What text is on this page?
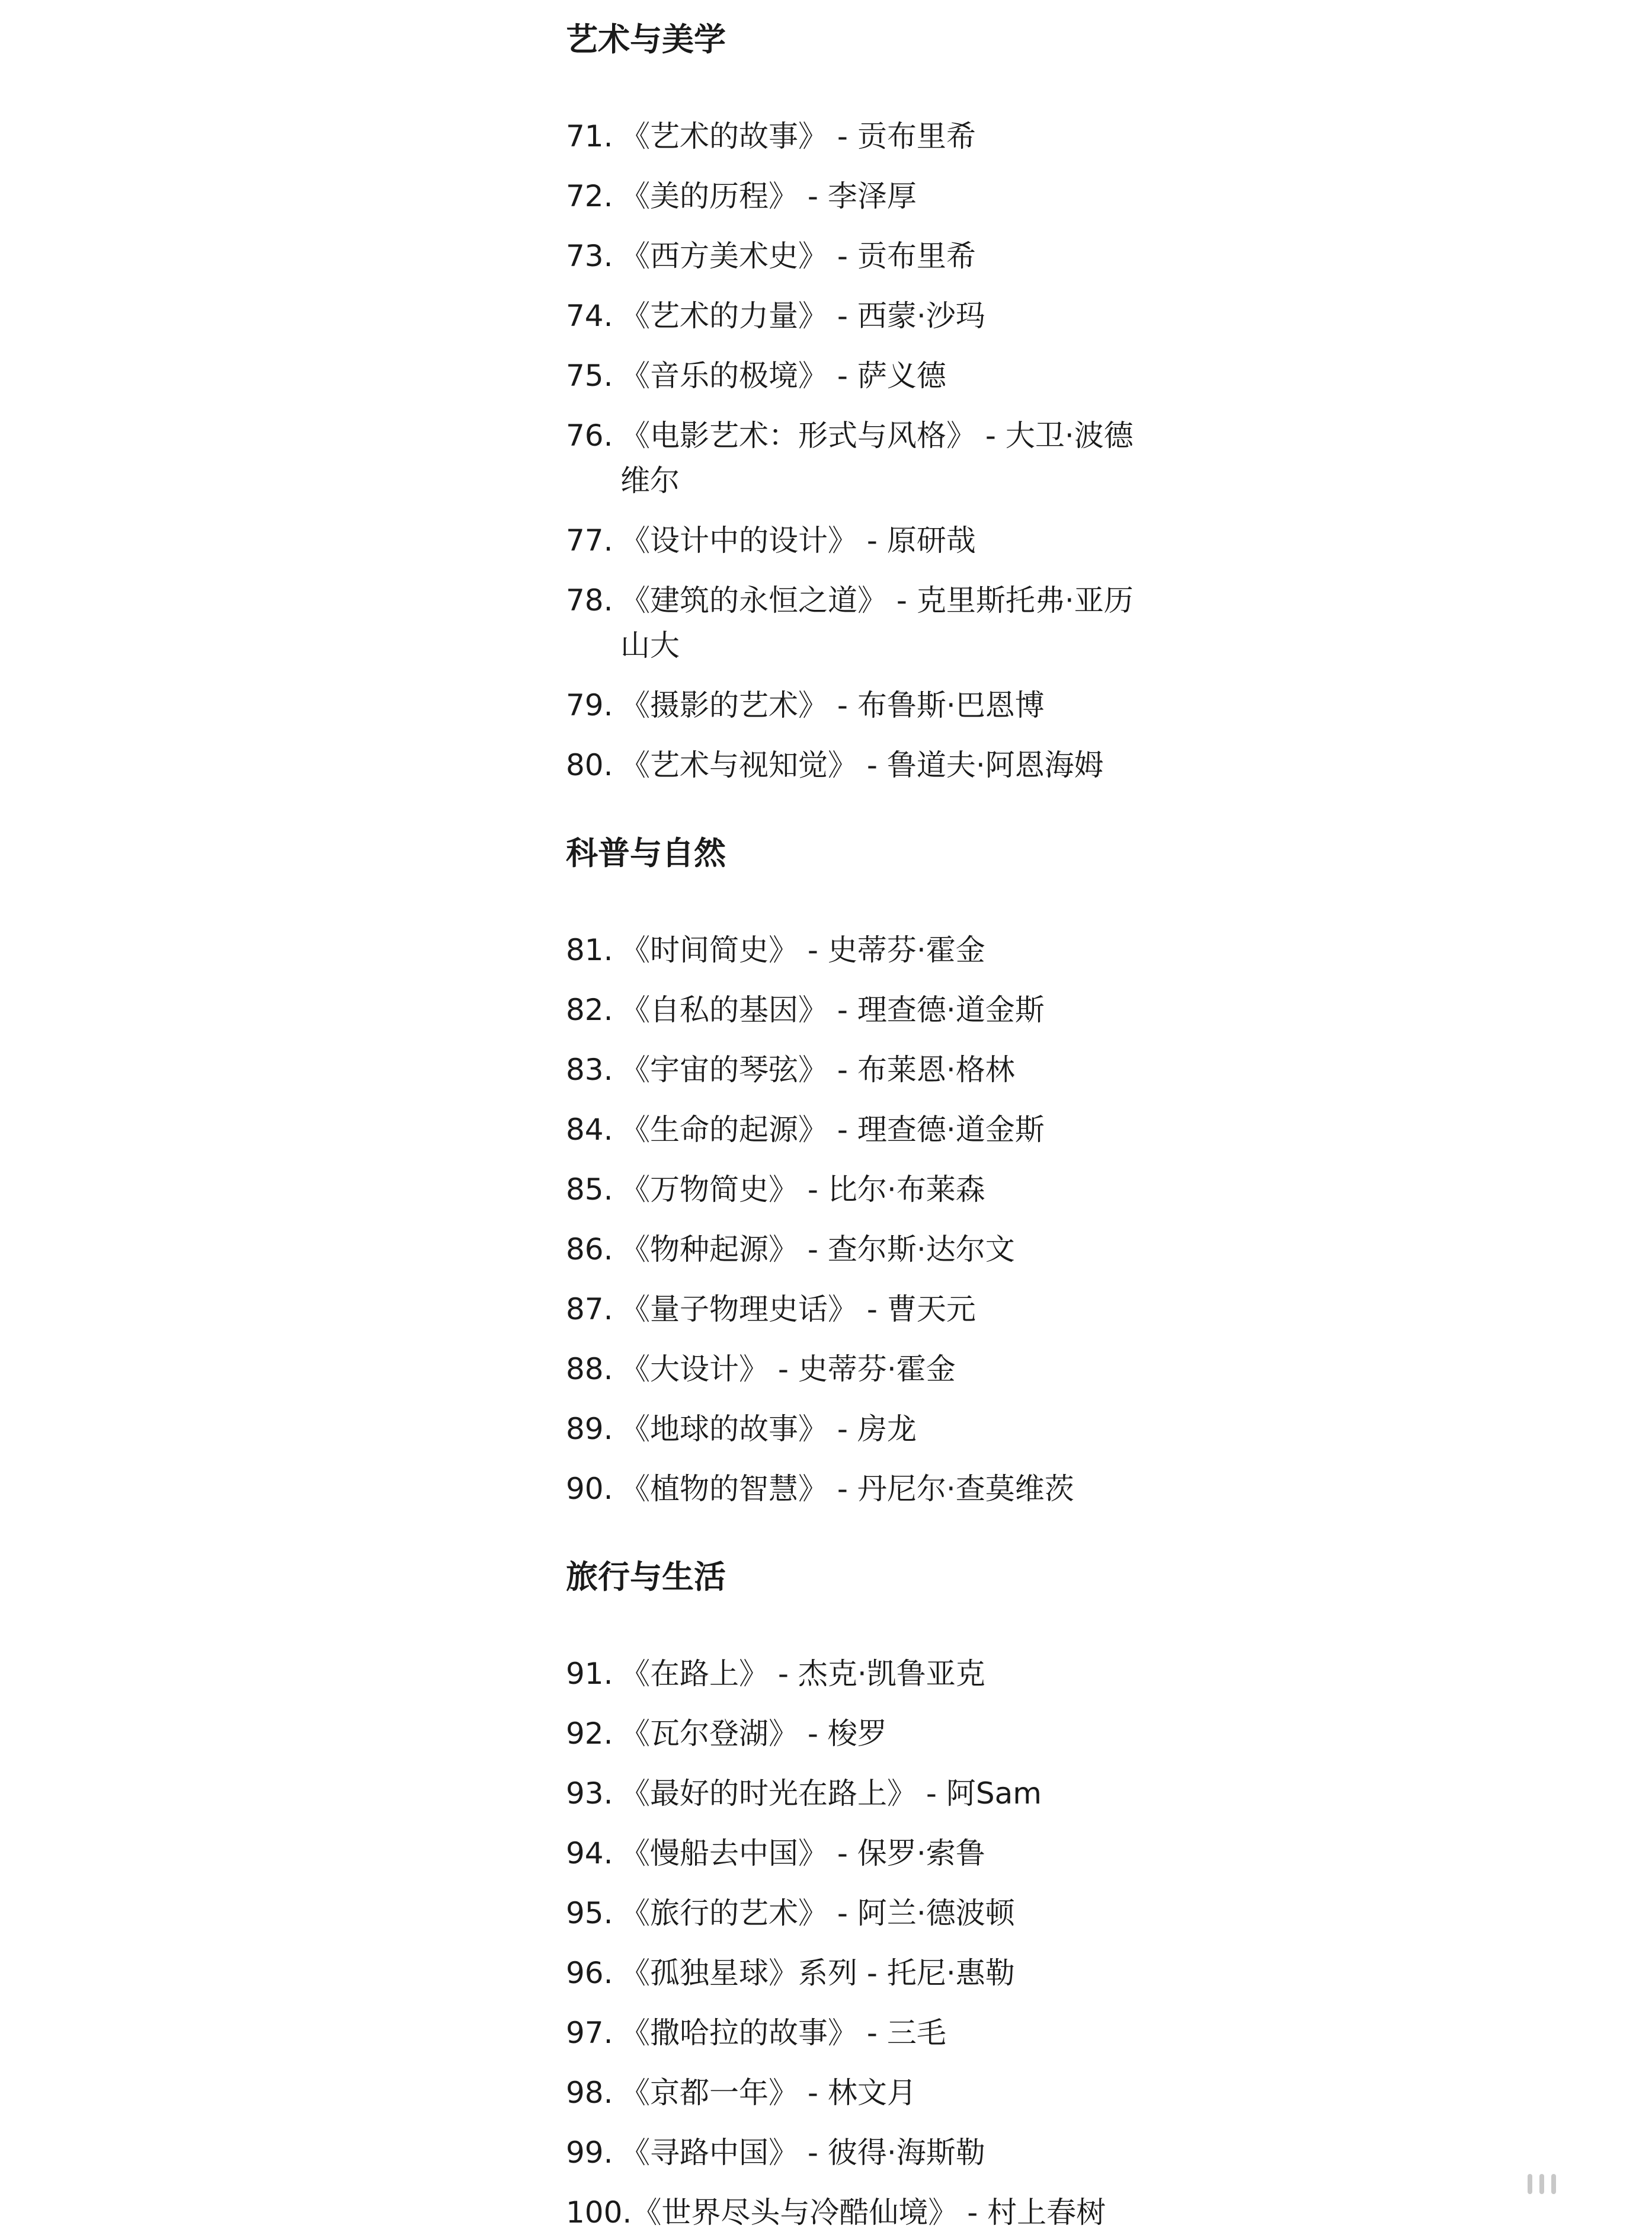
艺术与美学
71. 《艺术的故事》 - 贡布里希
72. 《美的历程》 - 李泽厚
73. 《西方美术史》 - 贡布里希
74. 《艺术的力量》 - 西蒙·沙玛
75. 《音乐的极境》 - 萨义德
76. 《电影艺术：形式与风格》 - 大卫·波德
维尔
77. 《设计中的设计》 - 原研哉
78. 《建筑的永恒之道》 - 克里斯托弗·亚历
山大
79. 《摄影的艺术》 - 布鲁斯·巴恩博
80. 《艺术与视知觉》 - 鲁道夫·阿恩海姆
科普与自然
81. 《时间简史》 - 史蒂芬·霍金
82. 《自私的基因》 - 理查德·道金斯
83. 《宇宙的琴弦》 - 布莱恩·格林
84. 《生命的起源》 - 理查德·道金斯
85. 《万物简史》 - 比尔·布莱森
86. 《物种起源》 - 查尔斯·达尔文
87. 《量子物理史话》 - 曹天元
88. 《大设计》 - 史蒂芬·霍金
89. 《地球的故事》 - 房龙
90. 《植物的智慧》 - 丹尼尔·查莫维茨
旅行与生活
91. 《在路上》 - 杰克·凯鲁亚克
92. 《瓦尔登湖》 - 梭罗
93. 《最好的时光在路上》 - 阿Sam
94. 《慢船去中国》 - 保罗·索鲁
95. 《旅行的艺术》 - 阿兰·德波顿
96. 《孤独星球》系列 - 托尼·惠勒
97. 《撒哈拉的故事》 - 三毛
98. 《京都一年》 - 林文月
99. 《寻路中国》 - 彼得·海斯勒
100.《世界尽头与冷酷仙境》 - 村上春树
